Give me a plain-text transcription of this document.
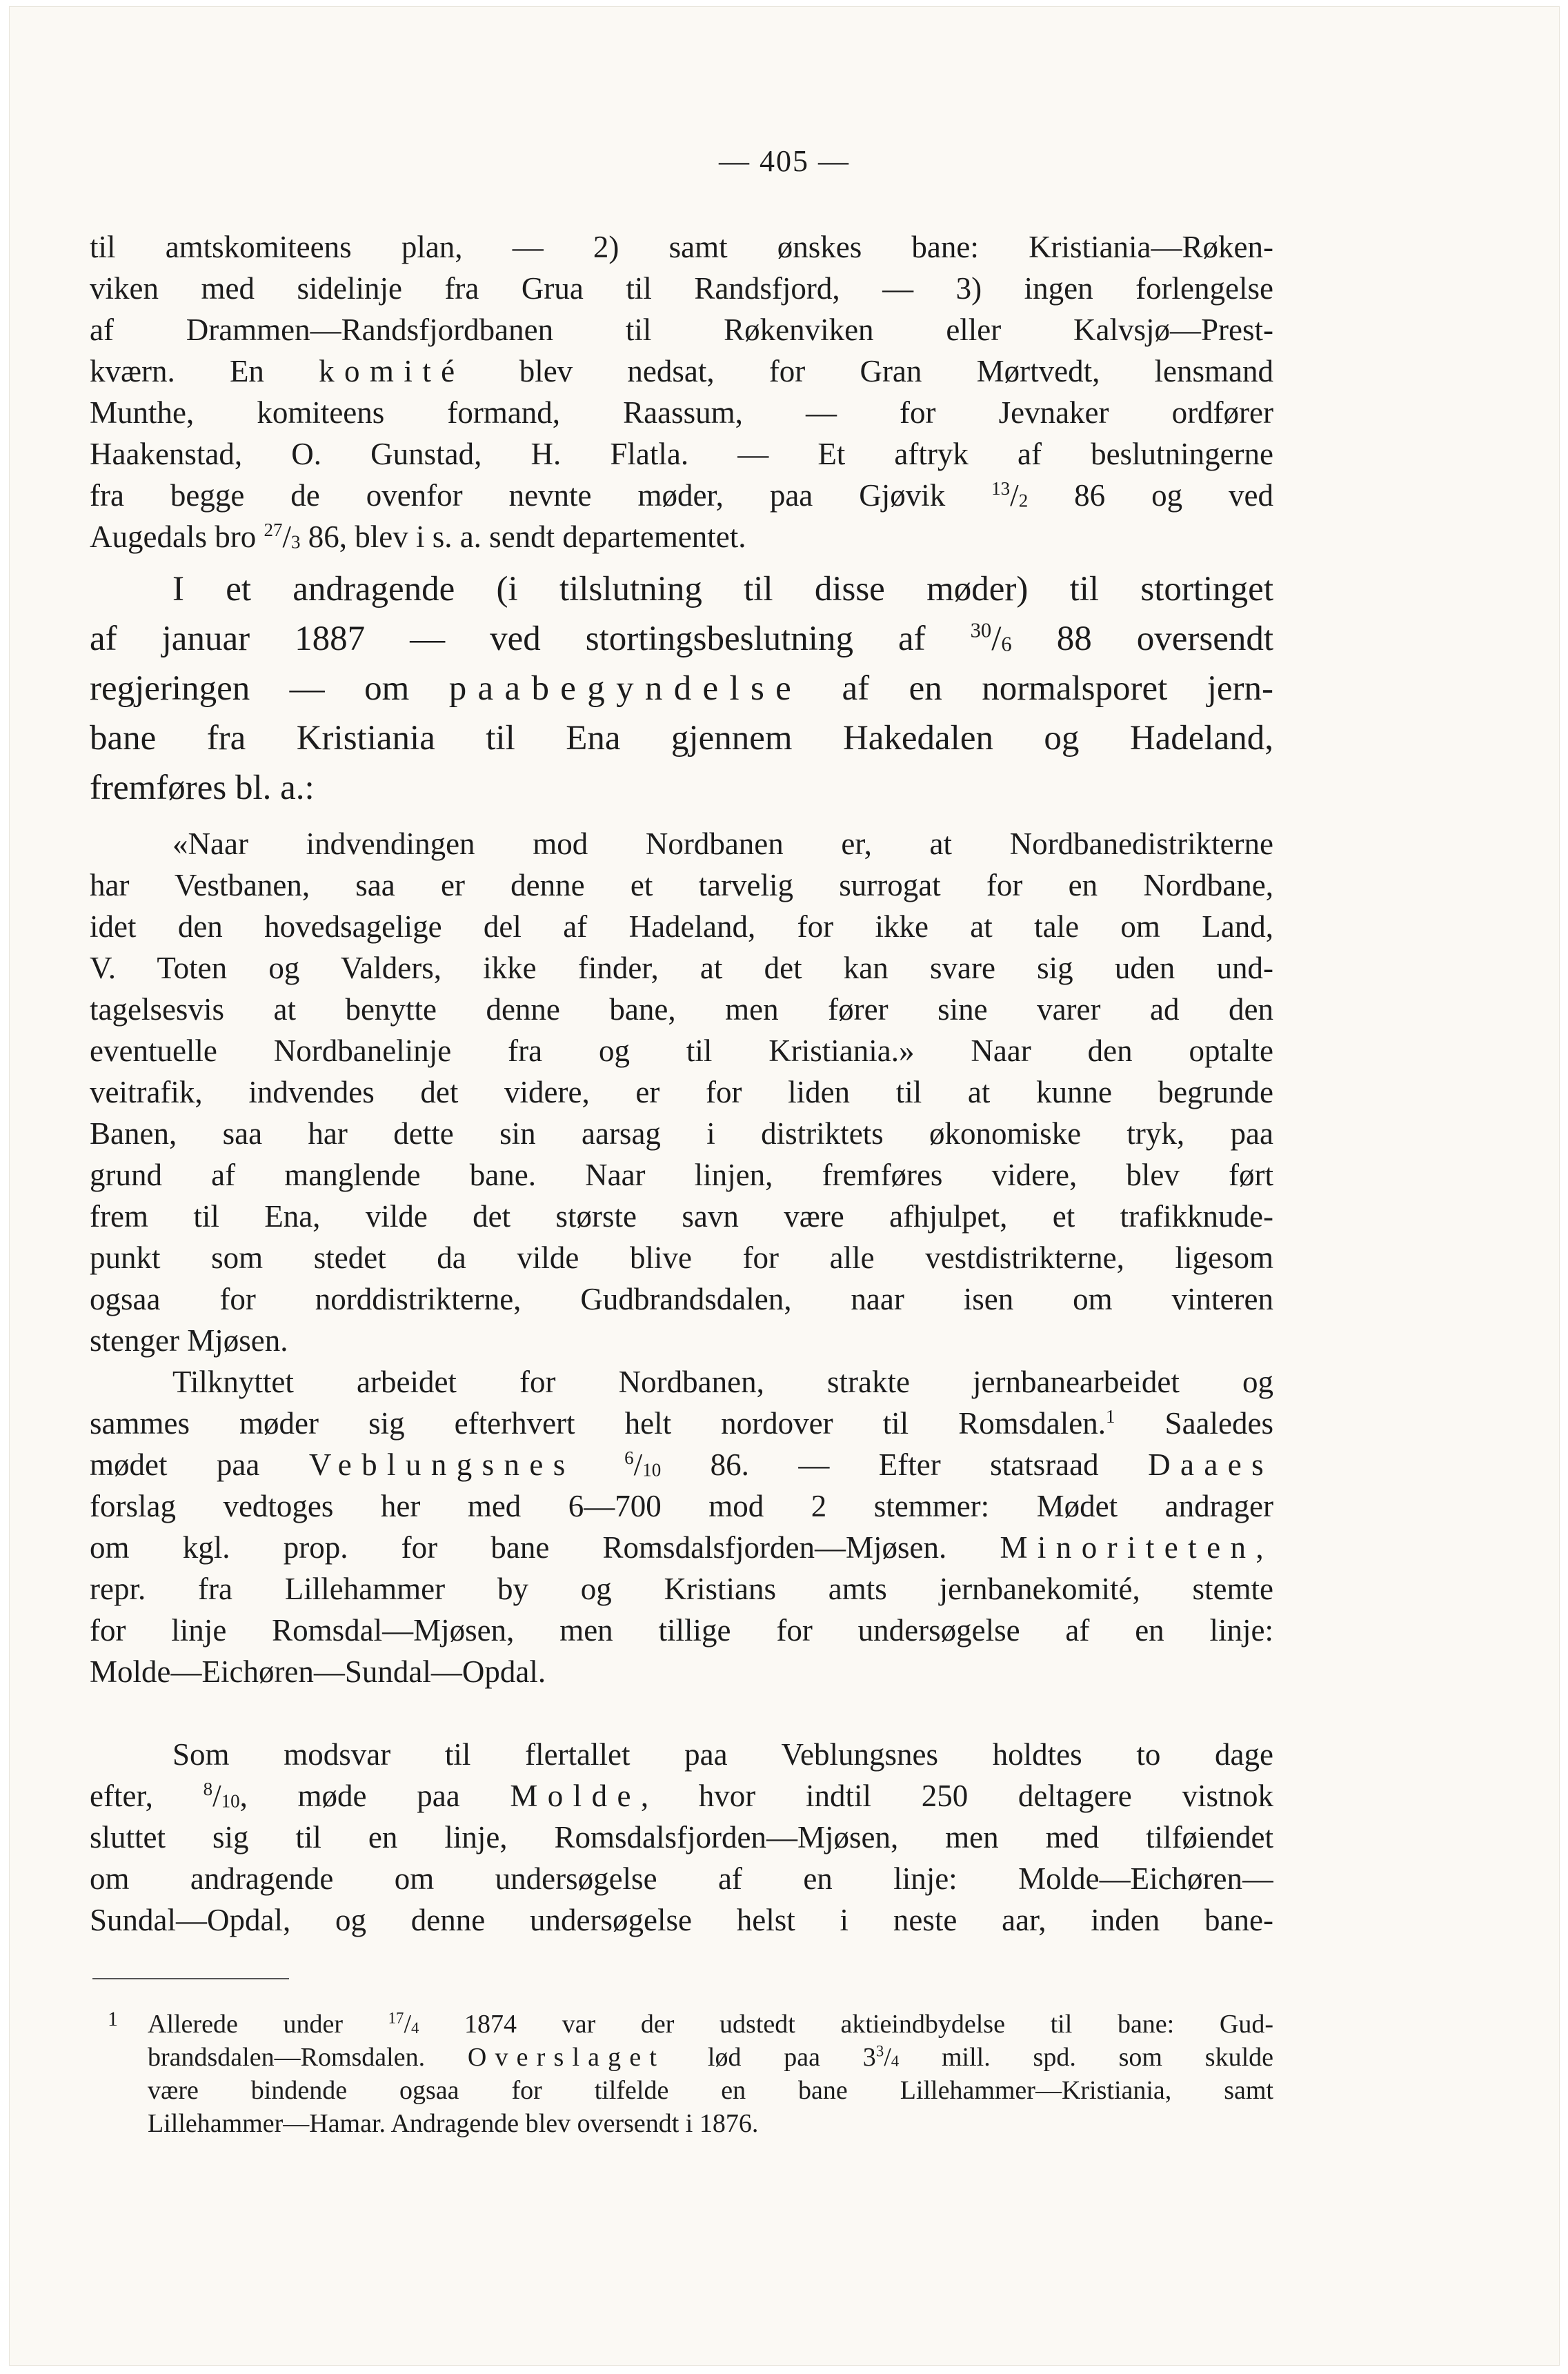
— 405 —
til amtskomiteens plan, — 2) samt ønskes bane: Kristiania—Røken-
viken med sidelinje fra Grua til Randsfjord, — 3) ingen forlengelse
af Drammen—Randsfjordbanen til Røkenviken eller Kalvsjø—Prest-
kværn. En komité blev nedsat, for Gran Mørtvedt, lensmand
Munthe, komiteens formand, Raassum, — for Jevnaker ordfører
Haakenstad, O. Gunstad, H. Flatla. — Et aftryk af beslutningerne
fra begge de ovenfor nevnte møder, paa Gjøvik $^{13}/_2$ 86 og ved
Augedals bro $^{27}/_3$ 86, blev i s. a. sendt departementet.
I et andragende (i tilslutning til disse møder) til stortinget
af januar 1887 — ved stortingsbeslutning af $^{30}/_6$ 88 oversendt
regjeringen — om paabegyndelse af en normalsporet jern-
bane fra Kristiania til Ena gjennem Hakedalen og Hadeland,
fremføres bl. a.:
«Naar indvendingen mod Nordbanen er, at Nordbanedistrikterne
har Vestbanen, saa er denne et tarvelig surrogat for en Nordbane,
idet den hovedsagelige del af Hadeland, for ikke at tale om Land,
V. Toten og Valders, ikke finder, at det kan svare sig uden und-
tagelsesvis at benytte denne bane, men fører sine varer ad den
eventuelle Nordbanelinje fra og til Kristiania.» Naar den optalte
veitrafik, indvendes det videre, er for liden til at kunne begrunde
Banen, saa har dette sin aarsag i distriktets økonomiske tryk, paa
grund af manglende bane. Naar linjen, fremføres videre, blev ført
frem til Ena, vilde det største savn være afhjulpet, et trafikknude-
punkt som stedet da vilde blive for alle vestdistrikterne, ligesom
ogsaa for norddistrikterne, Gudbrandsdalen, naar isen om vinteren
stenger Mjøsen.
Tilknyttet arbeidet for Nordbanen, strakte jernbanearbeidet og
sammes møder sig efterhvert helt nordover til Romsdalen.$^1$ Saaledes
mødet paa Veblungsnes	$^6/_{10}$ 86. — Efter statsraad Daaes
forslag vedtoges her med 6—700 mod 2 stemmer: Mødet andrager
om kgl. prop. for bane Romsdalsfjorden—Mjøsen. Minoriteten,
repr. fra Lillehammer by og Kristians amts jernbanekomité, stemte
for linje Romsdal—Mjøsen, men tillige for undersøgelse af en linje:
Molde—Eichøren—Sundal—Opdal.
Som modsvar til flertallet paa Veblungsnes holdtes to dage
efter, $^8/_{10}$, møde paa Molde, hvor indtil 250 deltagere vistnok
sluttet sig til en linje, Romsdalsfjorden—Mjøsen, men med tilføiendet
om andragende om undersøgelse af en linje: Molde—Eichøren—
Sundal—Opdal, og denne undersøgelse helst i neste aar, inden bane-
1 Allerede under $^{17}/_4$ 1874 var der udstedt aktieindbydelse til bane: Gud-
brandsdalen—Romsdalen. Overslaget lød paa $3^3/_4$ mill. spd. som skulde
være bindende ogsaa for tilfelde en bane Lillehammer—Kristiania, samt
Lillehammer—Hamar. Andragende blev oversendt i 1876.
